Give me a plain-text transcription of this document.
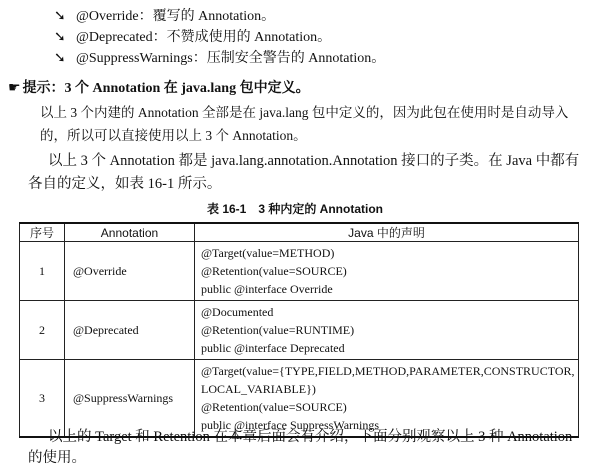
➘ @Override：覆写的 Annotation。
➘ @Deprecated：不赞成使用的 Annotation。
➘ @SuppressWarnings：压制安全警告的 Annotation。
☛ 提示：3 个 Annotation 在 java.lang 包中定义。
以上 3 个内建的 Annotation 全部是在 java.lang 包中定义的，因为此包在使用时是自动导入的，所以可以直接使用以上 3 个 Annotation。
以上 3 个 Annotation 都是 java.lang.annotation.Annotation 接口的子类。在 Java 中都有各自的定义，如表 16-1 所示。
表 16-1　3 种内定的 Annotation
序号	Annotation	Java 中的声明
1	@Override	@Target(value=METHOD)
@Retention(value=SOURCE)
public @interface Override

2	@Deprecated	@Documented
@Retention(value=RUNTIME)
public @interface Deprecated

3	@SuppressWarnings	@Target(value={TYPE,FIELD,METHOD,PARAMETER,CONSTRUCTOR,
LOCAL_VARIABLE})
@Retention(value=SOURCE)
public @interface SuppressWarnings
以上的 Target 和 Retention 在本章后面会有介绍，下面分别观察以上 3 种 Annotation 的使用。
